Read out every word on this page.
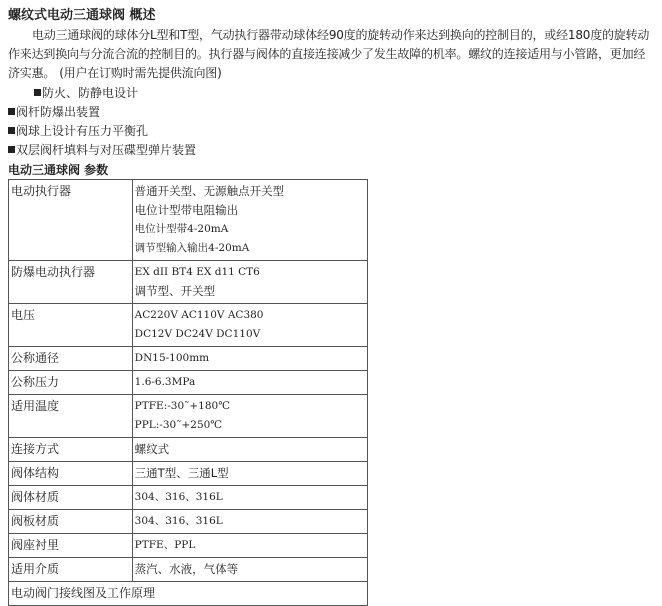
螺纹式电动三通球阀 概述

电动三通球阀的球体分L型和T型，气动执行器带动球体经90度的旋转动作来达到换向的控制目的，或经180度的旋转动作来达到换向与分流合流的控制目的。执行器与阀体的直接连接减少了发生故障的机率。螺纹的连接适用与小管路，更加经济实惠。 (用户在订购时需先提供流向图)

防火、防静电设计

阀杆防爆出装置

阀球上设计有压力平衡孔

双层阀杆填料与对压碟型弹片装置

电动三通球阀 参数

电动执行器	普通开关型、无源触点开关型
电位计型带电阻输出
电位计型带4-20mA
调节型输入输出4-20mA

防爆电动执行器	EX dII BT4 EX d11 CT6
调节型、开关型

电压	AC220V AC110V AC380
DC12V DC24V DC110V

公称通径	DN15-100mm
公称压力	1.6-6.3MPa
适用温度	PTFE:-30˜+180℃
PPL:-30˜+250℃

连接方式	螺纹式
阀体结构	三通T型、三通L型
阀体材质	304、316、316L
阀板材质	304、316、316L
阀座衬里	PTFE、PPL
适用介质	蒸汽、水液，气体等
电动阀门接线图及工作原理	
